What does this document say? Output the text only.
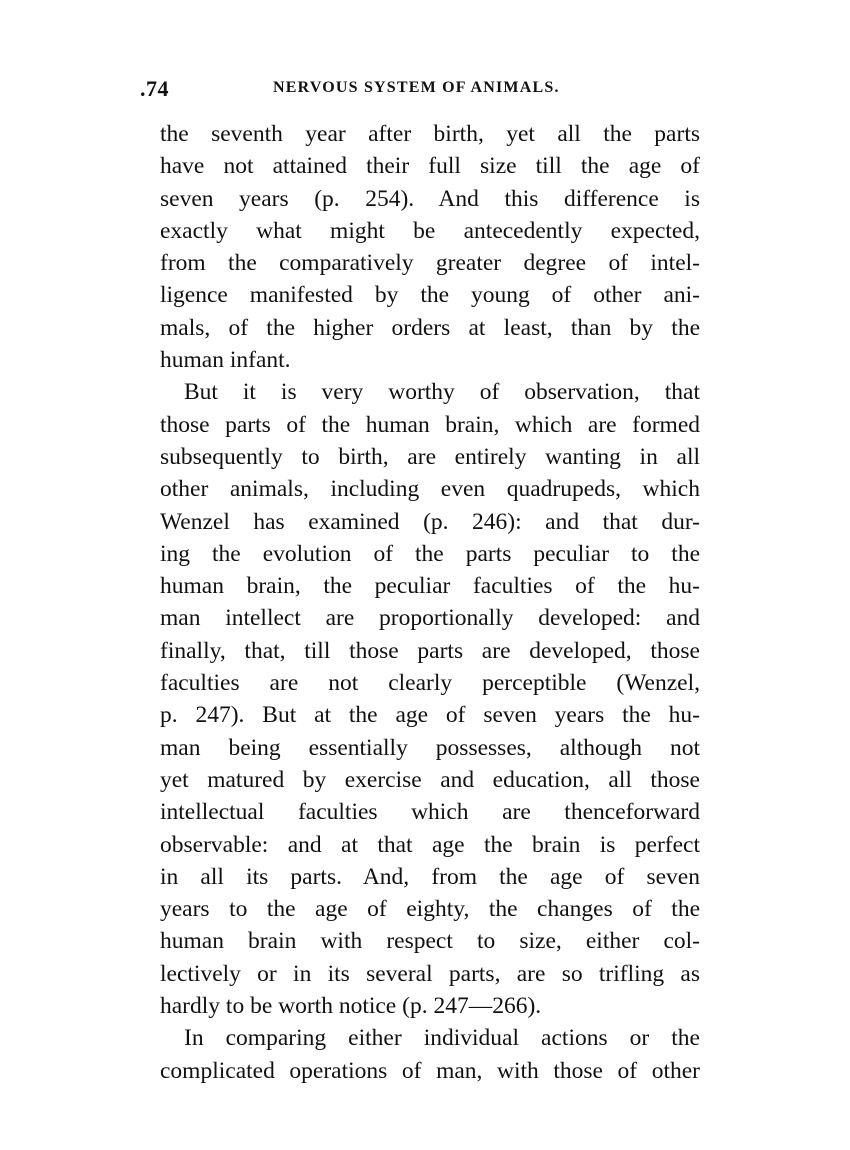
.74	NERVOUS SYSTEM OF ANIMALS.
the seventh year after birth, yet all the parts
have not attained their full size till the age of
seven years (p. 254). And this difference is
exactly what might be antecedently expected,
from the comparatively greater degree of intel-
ligence manifested by the young of other ani-
mals, of the higher orders at least, than by the
human infant.
But it is very worthy of observation, that
those parts of the human brain, which are formed
subsequently to birth, are entirely wanting in all
other animals, including even quadrupeds, which
Wenzel has examined (p. 246): and that dur-
ing the evolution of the parts peculiar to the
human brain, the peculiar faculties of the hu-
man intellect are proportionally developed: and
finally, that, till those parts are developed, those
faculties are not clearly perceptible (Wenzel,
p. 247). But at the age of seven years the hu-
man being essentially possesses, although not
yet matured by exercise and education, all those
intellectual faculties which are thenceforward
observable: and at that age the brain is perfect
in all its parts. And, from the age of seven
years to the age of eighty, the changes of the
human brain with respect to size, either col-
lectively or in its several parts, are so trifling as
hardly to be worth notice (p. 247—266).
In comparing either individual actions or the
complicated operations of man, with those of other
